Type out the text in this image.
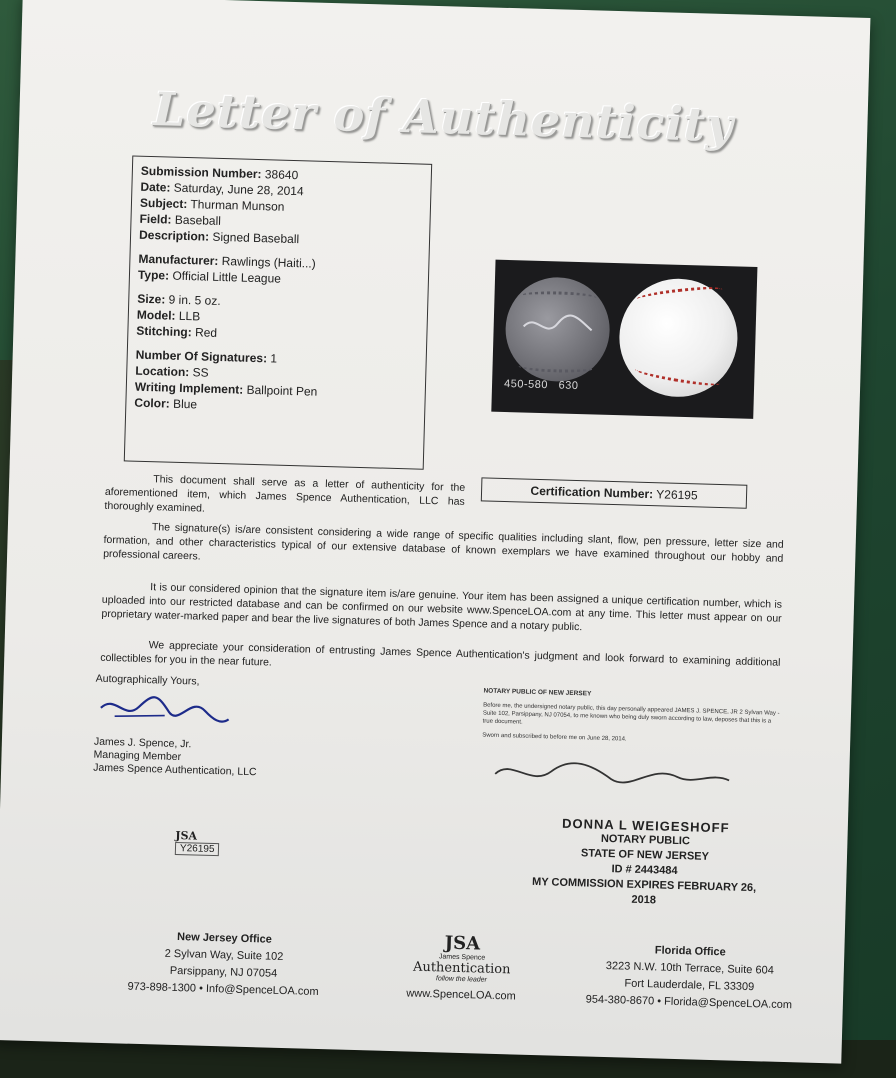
Letter of Authenticity
Submission Number: 38640
Date: Saturday, June 28, 2014
Subject: Thurman Munson
Field: Baseball
Description: Signed Baseball
Manufacturer: Rawlings (Haiti...)
Type: Official Little League
Size: 9 in. 5 oz.
Model: LLB
Stitching: Red
Number Of Signatures: 1
Location: SS
Writing Implement: Ballpoint Pen
Color: Blue
450-580 630
Certification Number: Y26195

This document shall serve as a letter of authenticity for the aforementioned item, which James Spence Authentication, LLC has thoroughly examined.

The signature(s) is/are consistent considering a wide range of specific qualities including slant, flow, pen pressure, letter size and formation, and other characteristics typical of our extensive database of known exemplars we have examined throughout our hobby and professional careers.

It is our considered opinion that the signature item is/are genuine. Your item has been assigned a unique certification number, which is uploaded into our restricted database and can be confirmed on our website www.SpenceLOA.com at any time. This letter must appear on our proprietary water-marked paper and bear the live signatures of both James Spence and a notary public.

We appreciate your consideration of entrusting James Spence Authentication's judgment and look forward to examining additional collectibles for you in the near future.

Autographically Yours,
James J. Spence, Jr.
Managing Member
James Spence Authentication, LLC
NOTARY PUBLIC OF NEW JERSEY
Before me, the undersigned notary public, this day personally appeared JAMES J. SPENCE, JR 2 Sylvan Way - Suite 102, Parsippany, NJ 07054, to me known who being duly sworn according to law, deposes that this is a true document.
Sworn and subscribed to before me on June 28, 2014.
DONNA L WEIGESHOFF
NOTARY PUBLIC
STATE OF NEW JERSEY
ID # 2443484
MY COMMISSION EXPIRES FEBRUARY 26, 2018
JSA
Y26195
New Jersey Office
2 Sylvan Way, Suite 102
Parsippany, NJ 07054
973-898-1300 • Info@SpenceLOA.com
JSA
James Spence
Authentication
follow the leader
www.SpenceLOA.com
Florida Office
3223 N.W. 10th Terrace, Suite 604
Fort Lauderdale, FL 33309
954-380-8670 • Florida@SpenceLOA.com
